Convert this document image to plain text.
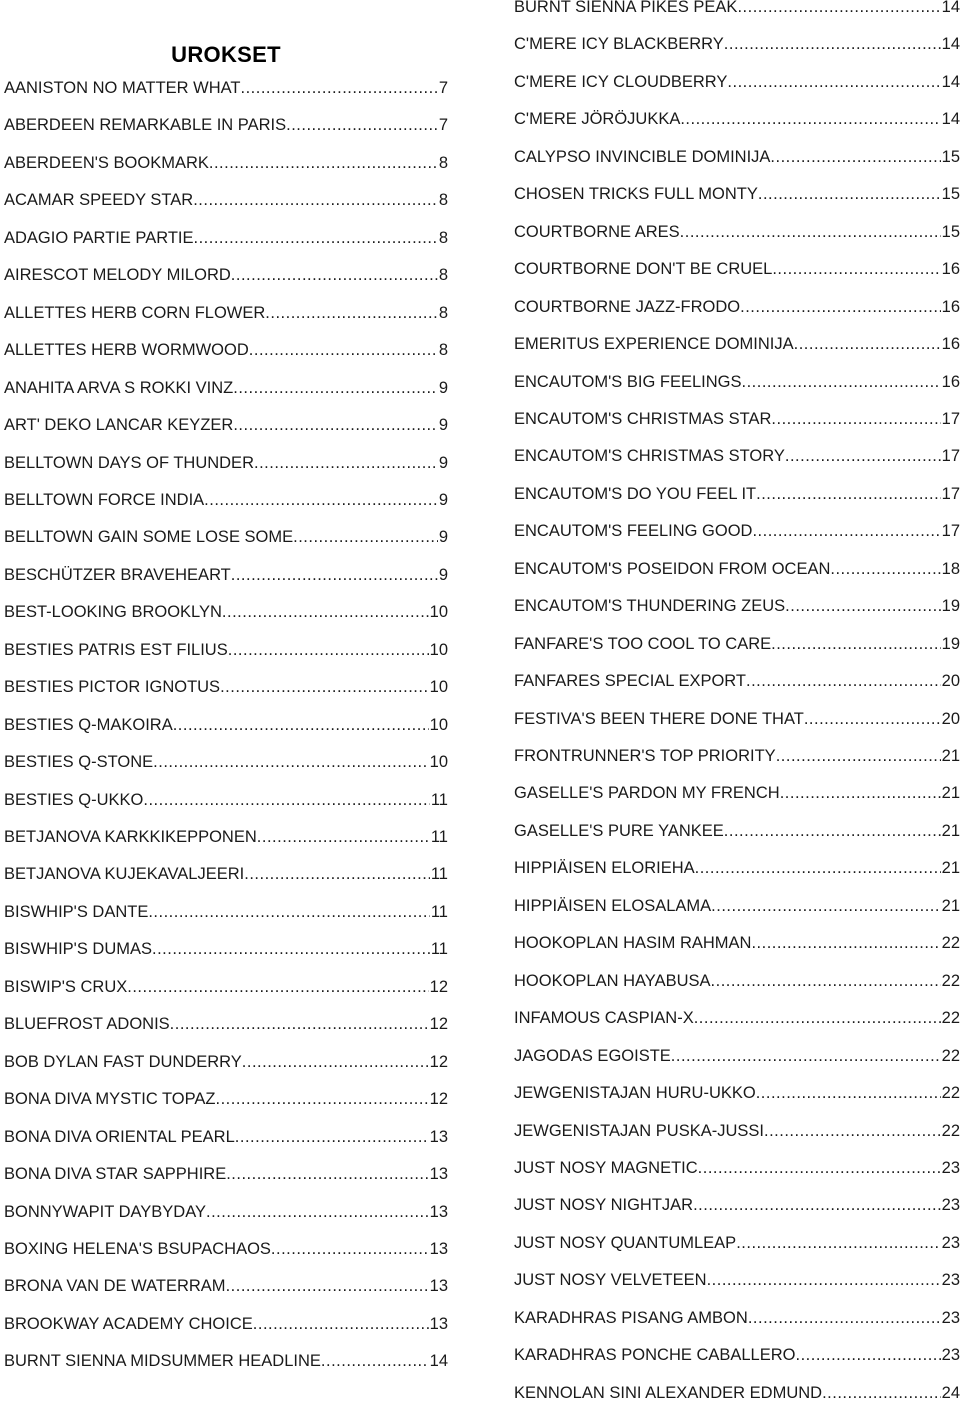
UROKSET
AANISTON NO MATTER WHAT .....	7
ABERDEEN REMARKABLE IN PARIS .....	7
ABERDEEN'S BOOKMARK .....	8
ACAMAR SPEEDY STAR .....	8
ADAGIO PARTIE PARTIE .....	8
AIRESCOT MELODY MILORD .....	8
ALLETTES HERB CORN FLOWER .....	8
ALLETTES HERB WORMWOOD .....	8
ANAHITA ARVA S ROKKI VINZ .....	9
ART' DEKO LANCAR KEYZER .....	9
BELLTOWN DAYS OF THUNDER .....	9
BELLTOWN FORCE INDIA .....	9
BELLTOWN GAIN SOME LOSE SOME .....	9
BESCHÜTZER BRAVEHEART .....	9
BEST-LOOKING BROOKLYN .....	10
BESTIES PATRIS EST FILIUS .....	10
BESTIES PICTOR IGNOTUS .....	10
BESTIES Q-MAKOIRA .....	10
BESTIES Q-STONE .....	10
BESTIES Q-UKKO .....	11
BETJANOVA KARKKIKEPPONEN .....	11
BETJANOVA KUJEKAVALJEERI .....	11
BISWHIP'S DANTE .....	11
BISWHIP'S DUMAS .....	11
BISWIP'S CRUX .....	12
BLUEFROST ADONIS .....	12
BOB DYLAN FAST DUNDERRY .....	12
BONA DIVA MYSTIC TOPAZ .....	12
BONA DIVA ORIENTAL PEARL .....	13
BONA DIVA STAR SAPPHIRE .....	13
BONNYWAPIT DAYBYDAY .....	13
BOXING HELENA'S BSUPACHAOS .....	13
BRONA VAN DE WATERRAM .....	13
BROOKWAY ACADEMY CHOICE .....	13
BURNT SIENNA MIDSUMMER HEADLINE .....	14
BURNT SIENNA PIKES PEAK .....	14
C'MERE ICY BLACKBERRY .....	14
C'MERE ICY CLOUDBERRY .....	14
C'MERE JÖRÖJUKKA .....	14
CALYPSO INVINCIBLE DOMINIJA .....	15
CHOSEN TRICKS FULL MONTY .....	15
COURTBORNE ARES .....	15
COURTBORNE DON'T BE CRUEL .....	16
COURTBORNE JAZZ-FRODO .....	16
EMERITUS EXPERIENCE DOMINIJA .....	16
ENCAUTOM'S BIG FEELINGS .....	16
ENCAUTOM'S CHRISTMAS STAR .....	17
ENCAUTOM'S CHRISTMAS STORY .....	17
ENCAUTOM'S DO YOU FEEL IT .....	17
ENCAUTOM'S FEELING GOOD .....	17
ENCAUTOM'S POSEIDON FROM OCEAN .....	18
ENCAUTOM'S THUNDERING ZEUS .....	19
FANFARE'S TOO COOL TO CARE .....	19
FANFARES SPECIAL EXPORT .....	20
FESTIVA'S BEEN THERE DONE THAT .....	20
FRONTRUNNER'S TOP PRIORITY .....	21
GASELLE'S PARDON MY FRENCH .....	21
GASELLE'S PURE YANKEE .....	21
HIPPIÄISEN ELORIEHA .....	21
HIPPIÄISEN ELOSALAMA .....	21
HOOKOPLAN HASIM RAHMAN .....	22
HOOKOPLAN HAYABUSA .....	22
INFAMOUS CASPIAN-X .....	22
JAGODAS EGOISTE .....	22
JEWGENISTAJAN HURU-UKKO .....	22
JEWGENISTAJAN PUSKA-JUSSI .....	22
JUST NOSY MAGNETIC .....	23
JUST NOSY NIGHTJAR .....	23
JUST NOSY QUANTUMLEAP .....	23
JUST NOSY VELVETEEN .....	23
KARADHRAS PISANG AMBON .....	23
KARADHRAS PONCHE CABALLERO .....	23
KENNOLAN SINI ALEXANDER EDMUND .....	24
